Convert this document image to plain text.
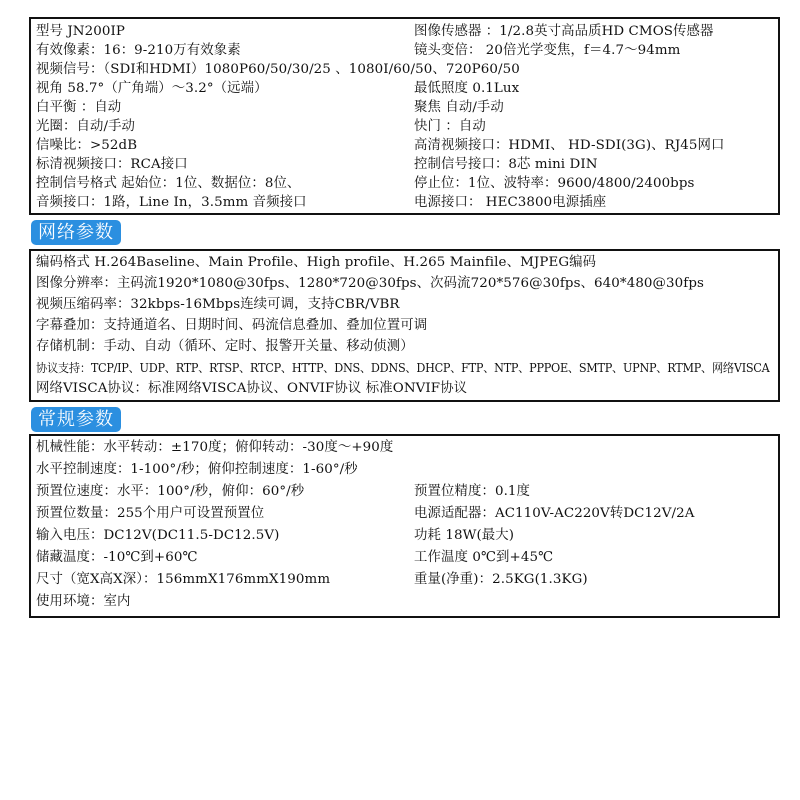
型号 JN200IP	图像传感器 ：1/2.8英寸高品质HD CMOS传感器
有效像素：16：9-210万有效象素	镜头变倍： 20倍光学变焦，f＝4.7～94mm
视频信号：（SDI和HDMI）1080P60/50/30/25 、1080I/60/50、720P60/50
视角 58.7°（广角端）～3.2°（远端）	最低照度 0.1Lux
白平衡 ：自动	聚焦 自动/手动
光圈：自动/手动	快门 ：自动
信噪比：>52dB	高清视频接口：HDMI、 HD-SDI(3G)、RJ45网口
标清视频接口：RCA接口	控制信号接口：8芯 mini DIN
控制信号格式 起始位：1位、数据位：8位、	停止位：1位、波特率：9600/4800/2400bps
音频接口：1路，Line In，3.5mm 音频接口	电源接口： HEC3800电源插座
网络参数
编码格式 H.264Baseline、Main Profile、High profile、H.265 Mainfile、MJPEG编码
图像分辨率：主码流1920*1080@30fps、1280*720@30fps、次码流720*576@30fps、640*480@30fps
视频压缩码率：32kbps-16Mbps连续可调，支持CBR/VBR
字幕叠加：支持通道名、日期时间、码流信息叠加、叠加位置可调
存储机制：手动、自动（循环、定时、报警开关量、移动侦测）
协议支持：TCP/IP、UDP、RTP、RTSP、RTCP、HTTP、DNS、DDNS、DHCP、FTP、NTP、PPPOE、SMTP、UPNP、RTMP、网络VISCA
网络VISCA协议：标准网络VISCA协议、ONVIF协议 标准ONVIF协议
常规参数
机械性能：水平转动：±170度；俯仰转动：-30度～+90度
水平控制速度：1-100°/秒；俯仰控制速度：1-60°/秒
预置位速度：水平：100°/秒，俯仰：60°/秒	预置位精度：0.1度
预置位数量：255个用户可设置预置位	电源适配器：AC110V-AC220V转DC12V/2A
输入电压：DC12V(DC11.5-DC12.5V)	功耗 18W(最大)
储藏温度：-10℃到+60℃	工作温度 0℃到+45℃
尺寸（宽X高X深）：156mmX176mmX190mm	重量(净重)：2.5KG(1.3KG)
使用环境：室内
